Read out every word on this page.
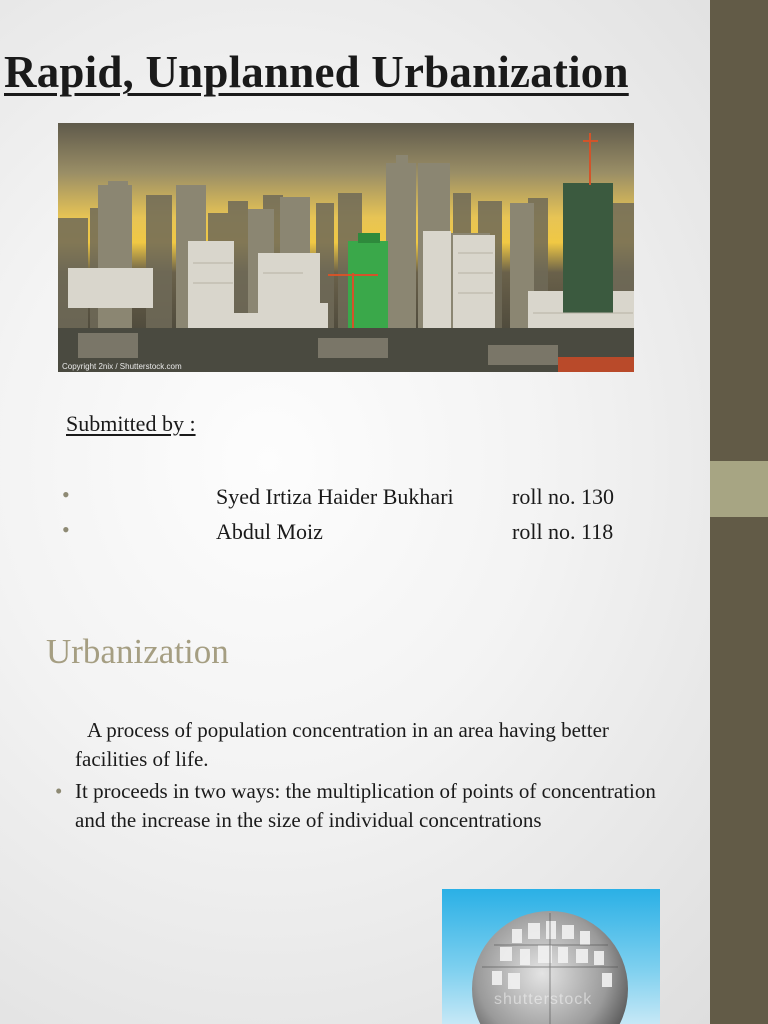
Rapid, Unplanned Urbanization
Copyright 2nix / Shutterstock.com

Submitted by :

•	Syed Irtiza Haider Bukhari	roll no. 130
•	Abdul Moiz	roll no. 118
Urbanization

A process of population concentration in an area having better facilities of life.

• It proceeds in two ways: the multiplication of points of concentration and the increase in the size of individual concentrations

shutterstock
